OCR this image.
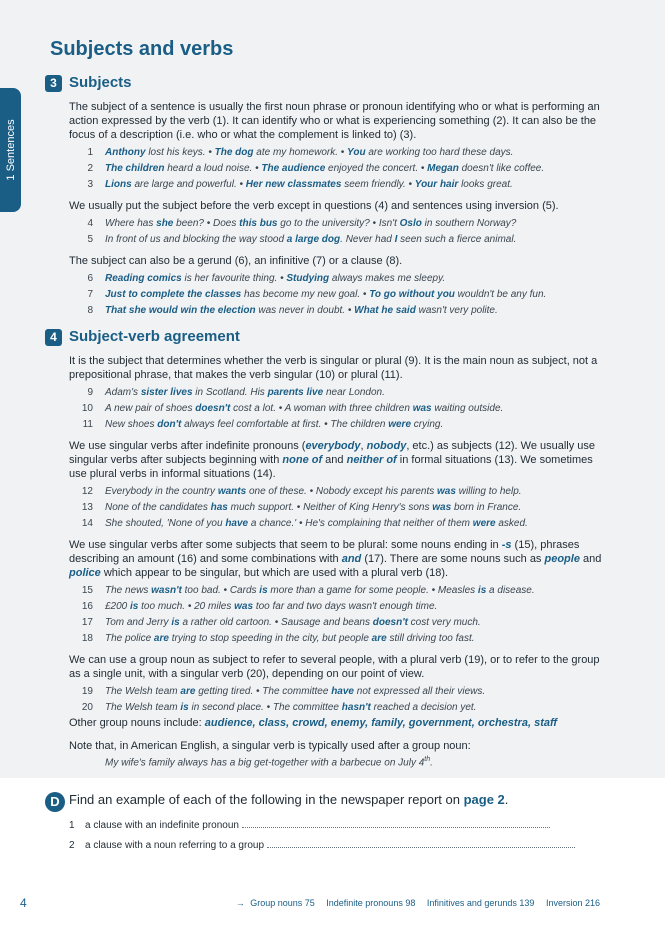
1 Sentences
Subjects and verbs
3 Subjects

The subject of a sentence is usually the first noun phrase or pronoun identifying who or what is performing an action expressed by the verb (1). It can identify who or what is experiencing something (2). It can also be the focus of a description (i.e. who or what the complement is linked to) (3).

1 Anthony lost his keys. • The dog ate my homework. • You are working too hard these days.
2 The children heard a loud noise. • The audience enjoyed the concert. • Megan doesn't like coffee.
3 Lions are large and powerful. • Her new classmates seem friendly. • Your hair looks great.

We usually put the subject before the verb except in questions (4) and sentences using inversion (5).

4 Where has she been? • Does this bus go to the university? • Isn't Oslo in southern Norway?
5 In front of us and blocking the way stood a large dog. Never had I seen such a fierce animal.

The subject can also be a gerund (6), an infinitive (7) or a clause (8).

6 Reading comics is her favourite thing. • Studying always makes me sleepy.
7 Just to complete the classes has become my new goal. • To go without you wouldn't be any fun.
8 That she would win the election was never in doubt. • What he said wasn't very polite.
4 Subject-verb agreement

It is the subject that determines whether the verb is singular or plural (9). It is the main noun as subject, not a prepositional phrase, that makes the verb singular (10) or plural (11).

9 Adam's sister lives in Scotland. His parents live near London.
10 A new pair of shoes doesn't cost a lot. • A woman with three children was waiting outside.
11 New shoes don't always feel comfortable at first. • The children were crying.

We use singular verbs after indefinite pronouns (everybody, nobody, etc.) as subjects (12). We usually use singular verbs after subjects beginning with none of and neither of in formal situations (13). We sometimes use plural verbs in informal situations (14).

12 Everybody in the country wants one of these. • Nobody except his parents was willing to help.
13 None of the candidates has much support. • Neither of King Henry's sons was born in France.
14 She shouted, 'None of you have a chance.' • He's complaining that neither of them were asked.

We use singular verbs after some subjects that seem to be plural: some nouns ending in -s (15), phrases describing an amount (16) and some combinations with and (17). There are some nouns such as people and police which appear to be singular, but which are used with a plural verb (18).

15 The news wasn't too bad. • Cards is more than a game for some people. • Measles is a disease.
16 £200 is too much. • 20 miles was too far and two days wasn't enough time.
17 Tom and Jerry is a rather old cartoon. • Sausage and beans doesn't cost very much.
18 The police are trying to stop speeding in the city, but people are still driving too fast.

We can use a group noun as subject to refer to several people, with a plural verb (19), or to refer to the group as a single unit, with a singular verb (20), depending on our point of view.

19 The Welsh team are getting tired. • The committee have not expressed all their views.
20 The Welsh team is in second place. • The committee hasn't reached a decision yet.

Other group nouns include: audience, class, crowd, enemy, family, government, orchestra, staff

Note that, in American English, a singular verb is typically used after a group noun:

My wife's family always has a big get-together with a barbecue on July 4th.
D Find an example of each of the following in the newspaper report on page 2.
1 a clause with an indefinite pronoun
2 a clause with a noun referring to a group
4	→ Group nouns 75 Indefinite pronouns 98 Infinitives and gerunds 139 Inversion 216
